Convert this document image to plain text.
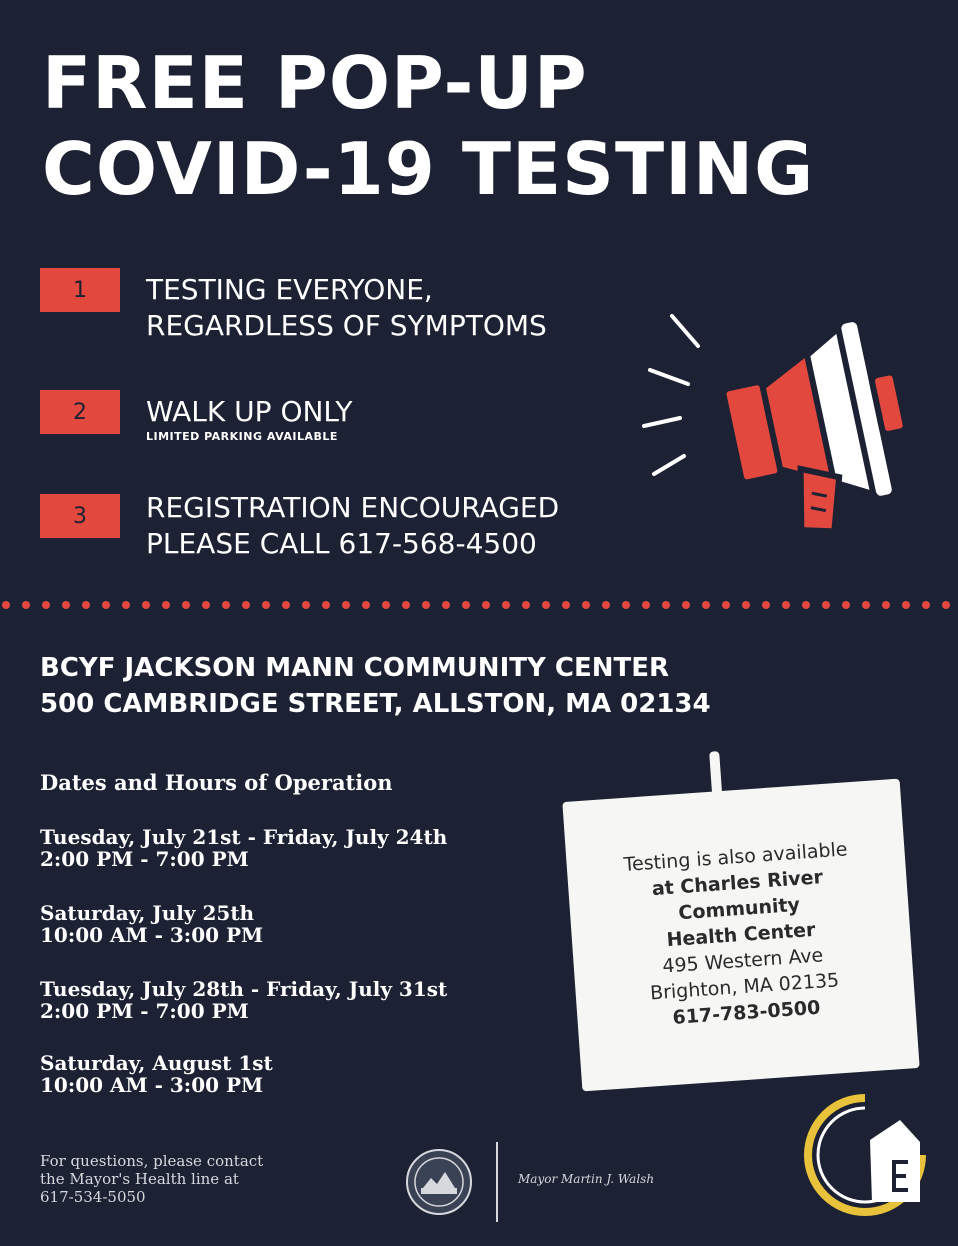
FREE POP-UP
COVID-19 TESTING
1	TESTING EVERYONE,
REGARDLESS OF SYMPTOMS
2	WALK UP ONLY
LIMITED PARKING AVAILABLE
3	REGISTRATION ENCOURAGED
PLEASE CALL 617-568-4500
BCYF JACKSON MANN COMMUNITY CENTER
500 CAMBRIDGE STREET, ALLSTON, MA 02134
Dates and Hours of Operation
Tuesday, July 21st - Friday, July 24th
2:00 PM - 7:00 PM
Saturday, July 25th
10:00 AM - 3:00 PM
Tuesday, July 28th - Friday, July 31st
2:00 PM - 7:00 PM
Saturday, August 1st
10:00 AM - 3:00 PM
Testing is also available
at Charles River
Community
Health Center
495 Western Ave
Brighton, MA 02135
617-783-0500
For questions, please contact
the Mayor's Health line at
617-534-5050
Mayor Martin J. Walsh
